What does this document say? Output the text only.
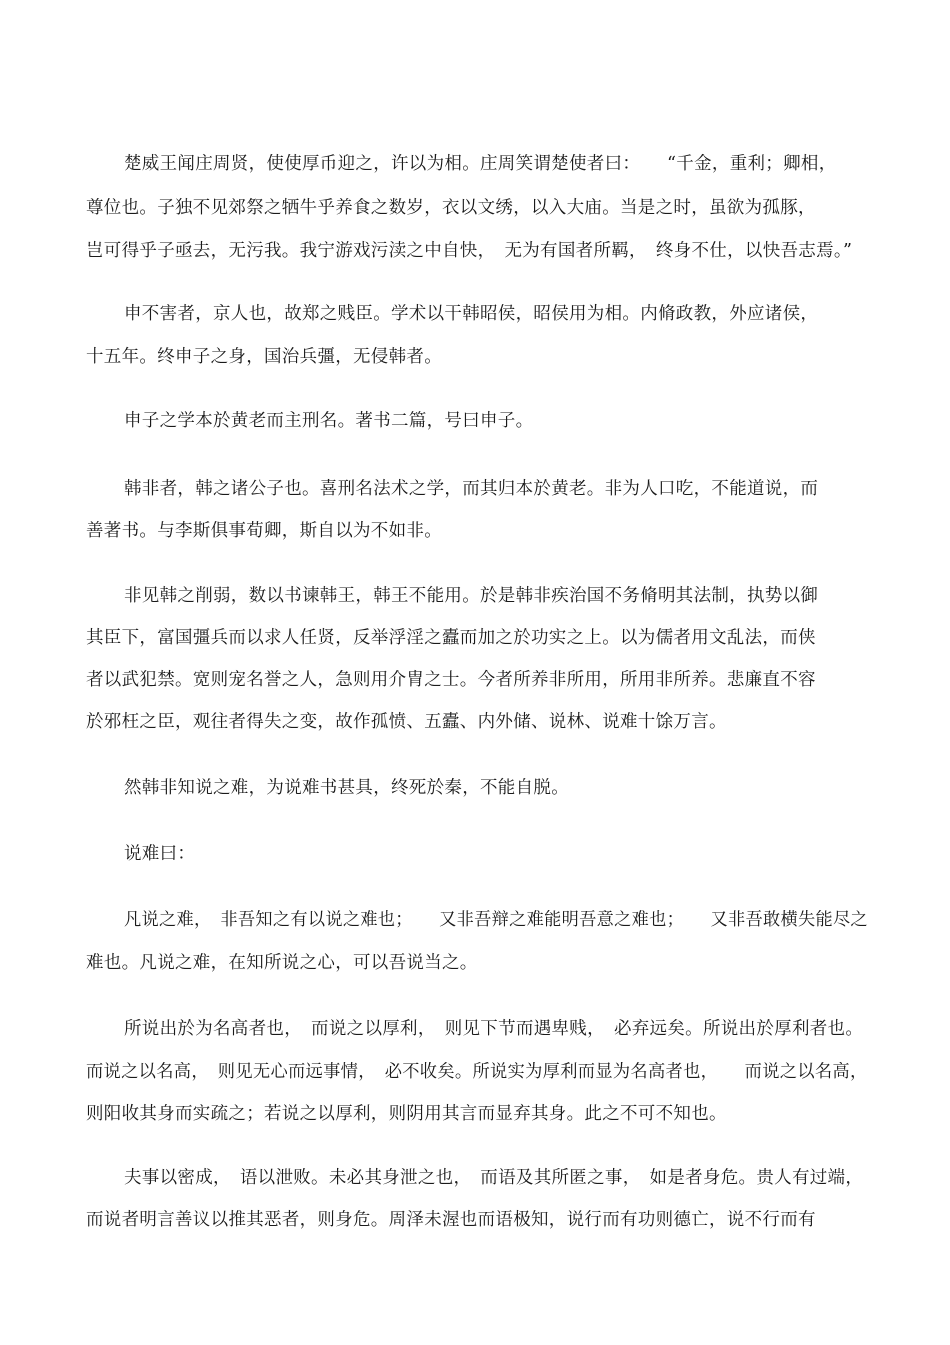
楚威王闻庄周贤，使使厚币迎之，许以为相。庄周笑谓楚使者曰：　　“千金，重利；卿相，
尊位也。子独不见郊祭之牺牛乎养食之数岁，衣以文绣，以入大庙。当是之时，虽欲为孤豚，
岂可得乎子亟去，无污我。我宁游戏污渎之中自快，　无为有国者所羁，　终身不仕，以快吾志焉。”
申不害者，京人也，故郑之贱臣。学术以干韩昭侯，昭侯用为相。内脩政教，外应诸侯，
十五年。终申子之身，国治兵彊，无侵韩者。
申子之学本於黄老而主刑名。著书二篇，号曰申子。
韩非者，韩之诸公子也。喜刑名法术之学，而其归本於黄老。非为人口吃，不能道说，而
善著书。与李斯俱事荀卿，斯自以为不如非。
非见韩之削弱，数以书谏韩王，韩王不能用。於是韩非疾治国不务脩明其法制，执势以御
其臣下，富国彊兵而以求人任贤，反举浮淫之蠹而加之於功实之上。以为儒者用文乱法，而侠
者以武犯禁。宽则宠名誉之人，急则用介胄之士。今者所养非所用，所用非所养。悲廉直不容
於邪枉之臣，观往者得失之变，故作孤愤、五蠹、内外储、说林、说难十馀万言。
然韩非知说之难，为说难书甚具，终死於秦，不能自脱。
说难曰：
凡说之难，　非吾知之有以说之难也；　　又非吾辩之难能明吾意之难也；　　又非吾敢横失能尽之
难也。凡说之难，在知所说之心，可以吾说当之。
所说出於为名高者也，　而说之以厚利，　则见下节而遇卑贱，　必弃远矣。所说出於厚利者也。
而说之以名高，　则见无心而远事情，　必不收矣。所说实为厚利而显为名高者也，　　而说之以名高，
则阳收其身而实疏之；若说之以厚利，则阴用其言而显弃其身。此之不可不知也。
夫事以密成，　语以泄败。未必其身泄之也，　而语及其所匿之事，　如是者身危。贵人有过端，
而说者明言善议以推其恶者，则身危。周泽未渥也而语极知，说行而有功则德亡，说不行而有
